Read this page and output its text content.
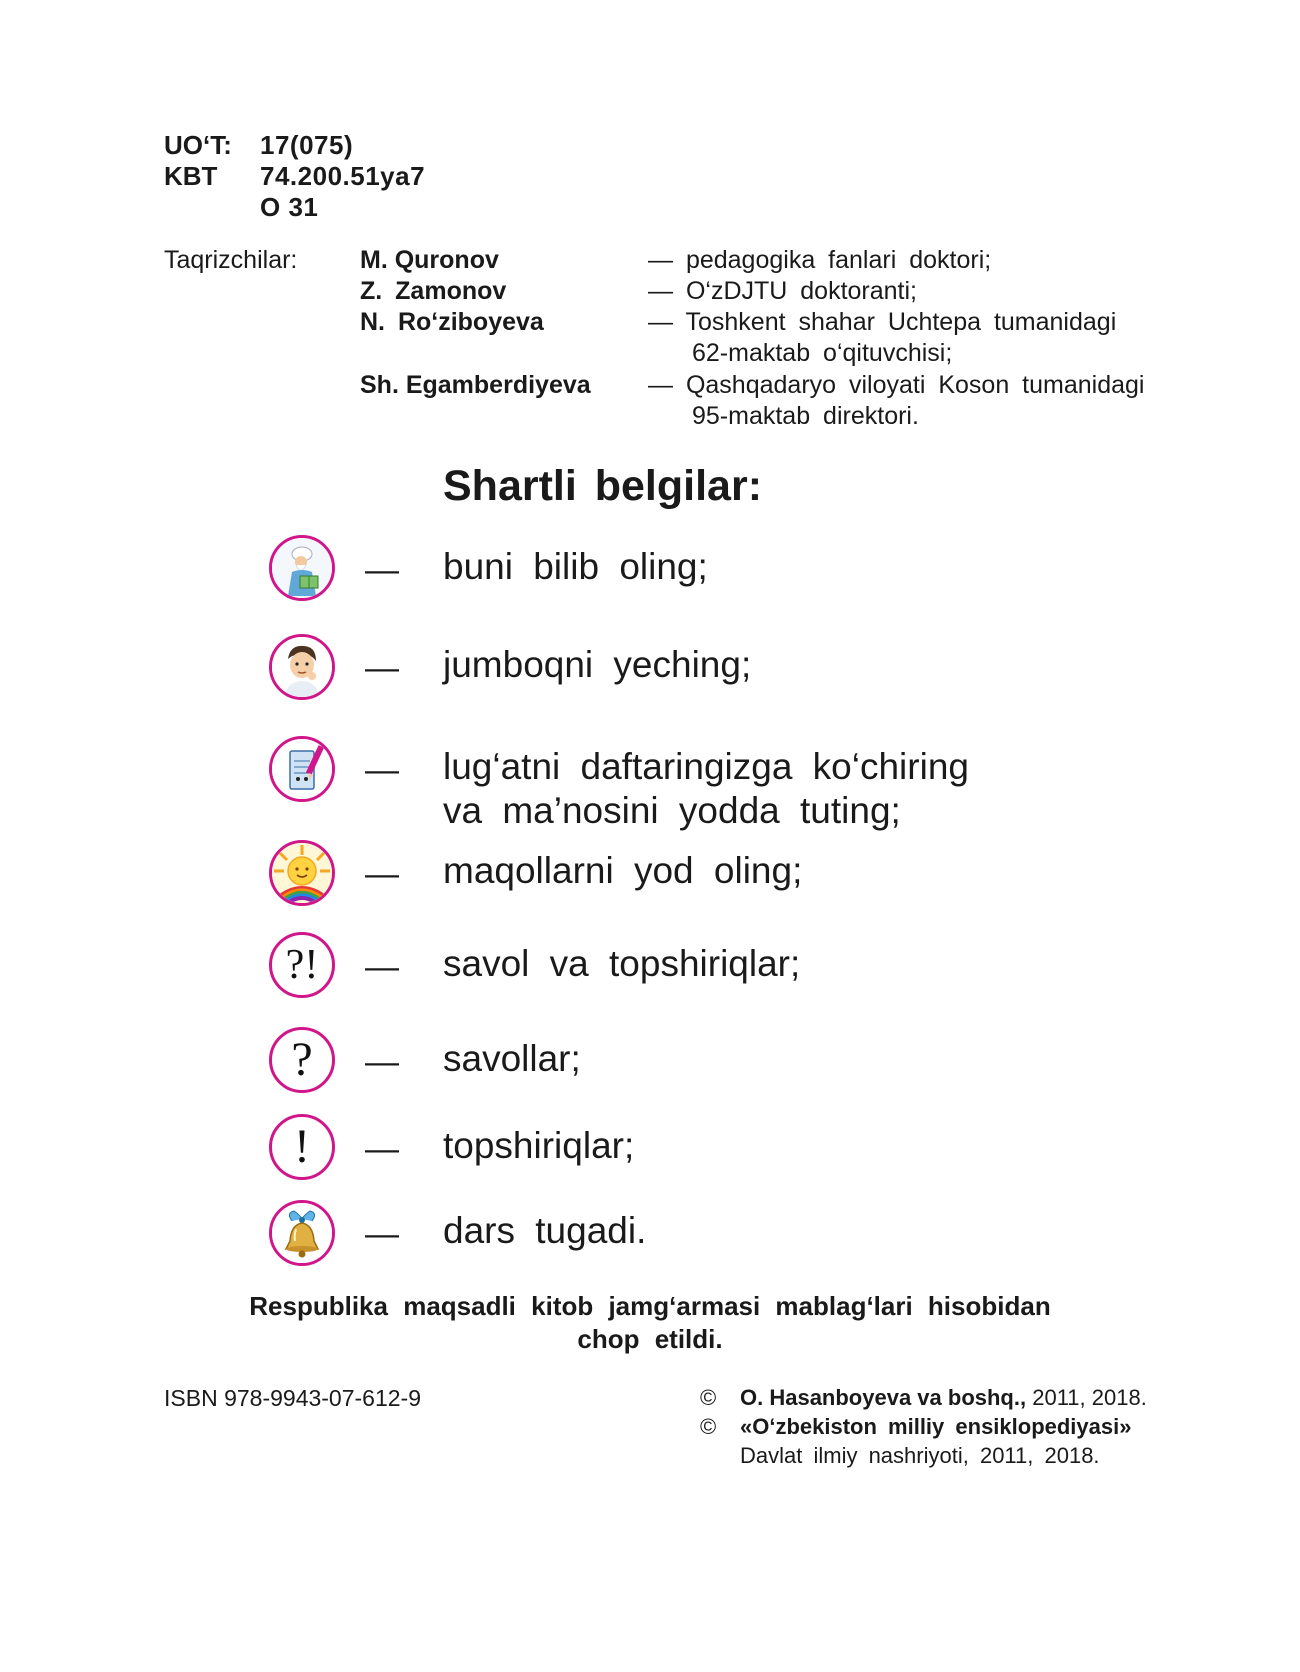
UO‘T: 17(075)
KBT 74.200.51ya7
O 31
Taqrizchilar:	M. Quronov	— pedagogika fanlari doktori;
Z. Zamonov	— O‘zDJTU doktoranti;
N. Ro‘ziboyeva	— Toshkent shahar Uchtepa tumanidagi
62-maktab o‘qituvchisi;
Sh. Egamberdiyeva — Qashqadaryo viloyati Koson tumanidagi
95-maktab direktori.
Shartli belgilar:
— buni bilib oling;
— jumboqni yeching;
— lug‘atni daftaringizga ko‘chiring
va ma’nosini yodda tuting;
— maqollarni yod oling;
?! — savol va topshiriqlar;
? — savollar;
! — topshiriqlar;
— dars tugadi.
Respublika maqsadli kitob jamg‘armasi mablag‘lari hisobidan
chop etildi.
ISBN 978-9943-07-612-9	© O. Hasanboyeva va boshq., 2011, 2018.
© «O‘zbekiston milliy ensiklopediyasi»
Davlat ilmiy nashriyoti, 2011, 2018.
